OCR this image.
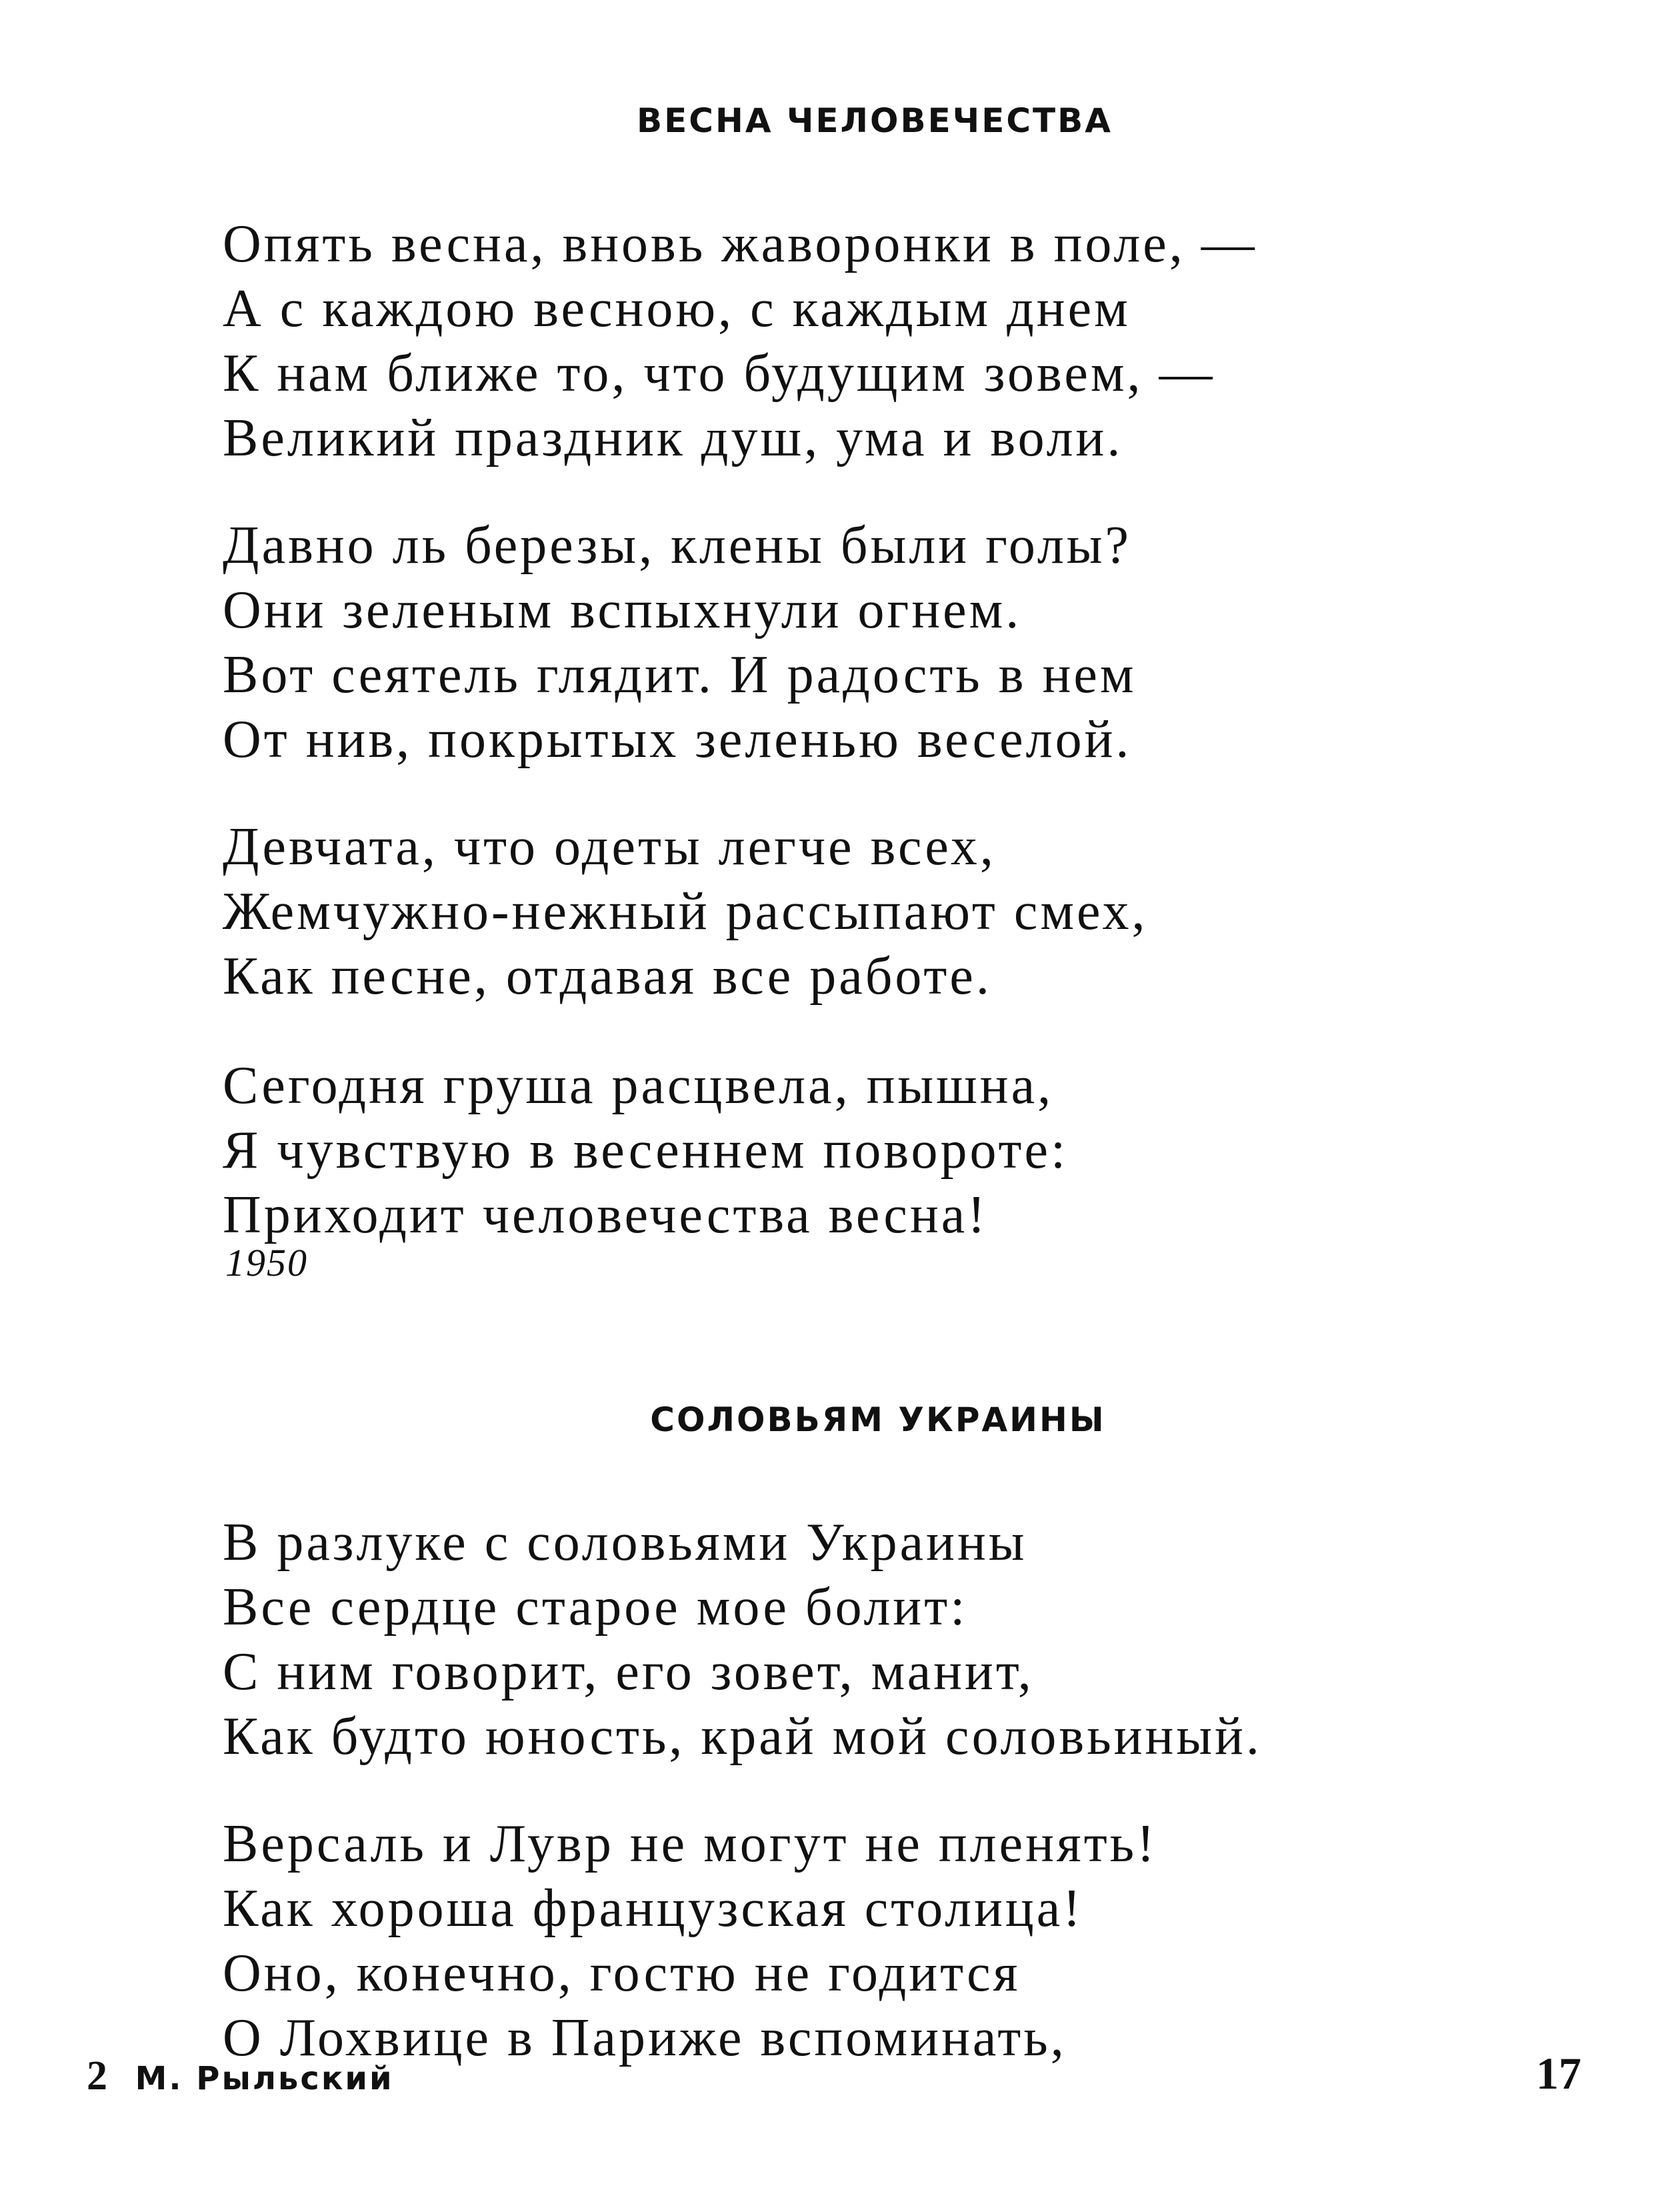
ВЕСНА ЧЕЛОВЕЧЕСТВА
Опять весна, вновь жаворонки в поле, —
А с каждою весною, с каждым днем
К нам ближе то, что будущим зовем, —
Великий праздник душ, ума и воли.
Давно ль березы, клены были голы?
Они зеленым вспыхнули огнем.
Вот сеятель глядит. И радость в нем
От нив, покрытых зеленью веселой.
Девчата, что одеты легче всех,
Жемчужно-нежный рассыпают смех,
Как песне, отдавая все работе.
Сегодня груша расцвела, пышна,
Я чувствую в весеннем повороте:
Приходит человечества весна!

1950

СОЛОВЬЯМ УКРАИНЫ
В разлуке с соловьями Украины
Все сердце старое мое болит:
С ним говорит, его зовет, манит,
Как будто юность, край мой соловьиный.
Версаль и Лувр не могут не пленять!
Как хороша французская столица!
Оно, конечно, гостю не годится
О Лохвице в Париже вспоминать,

2 М. Рыльский	17
